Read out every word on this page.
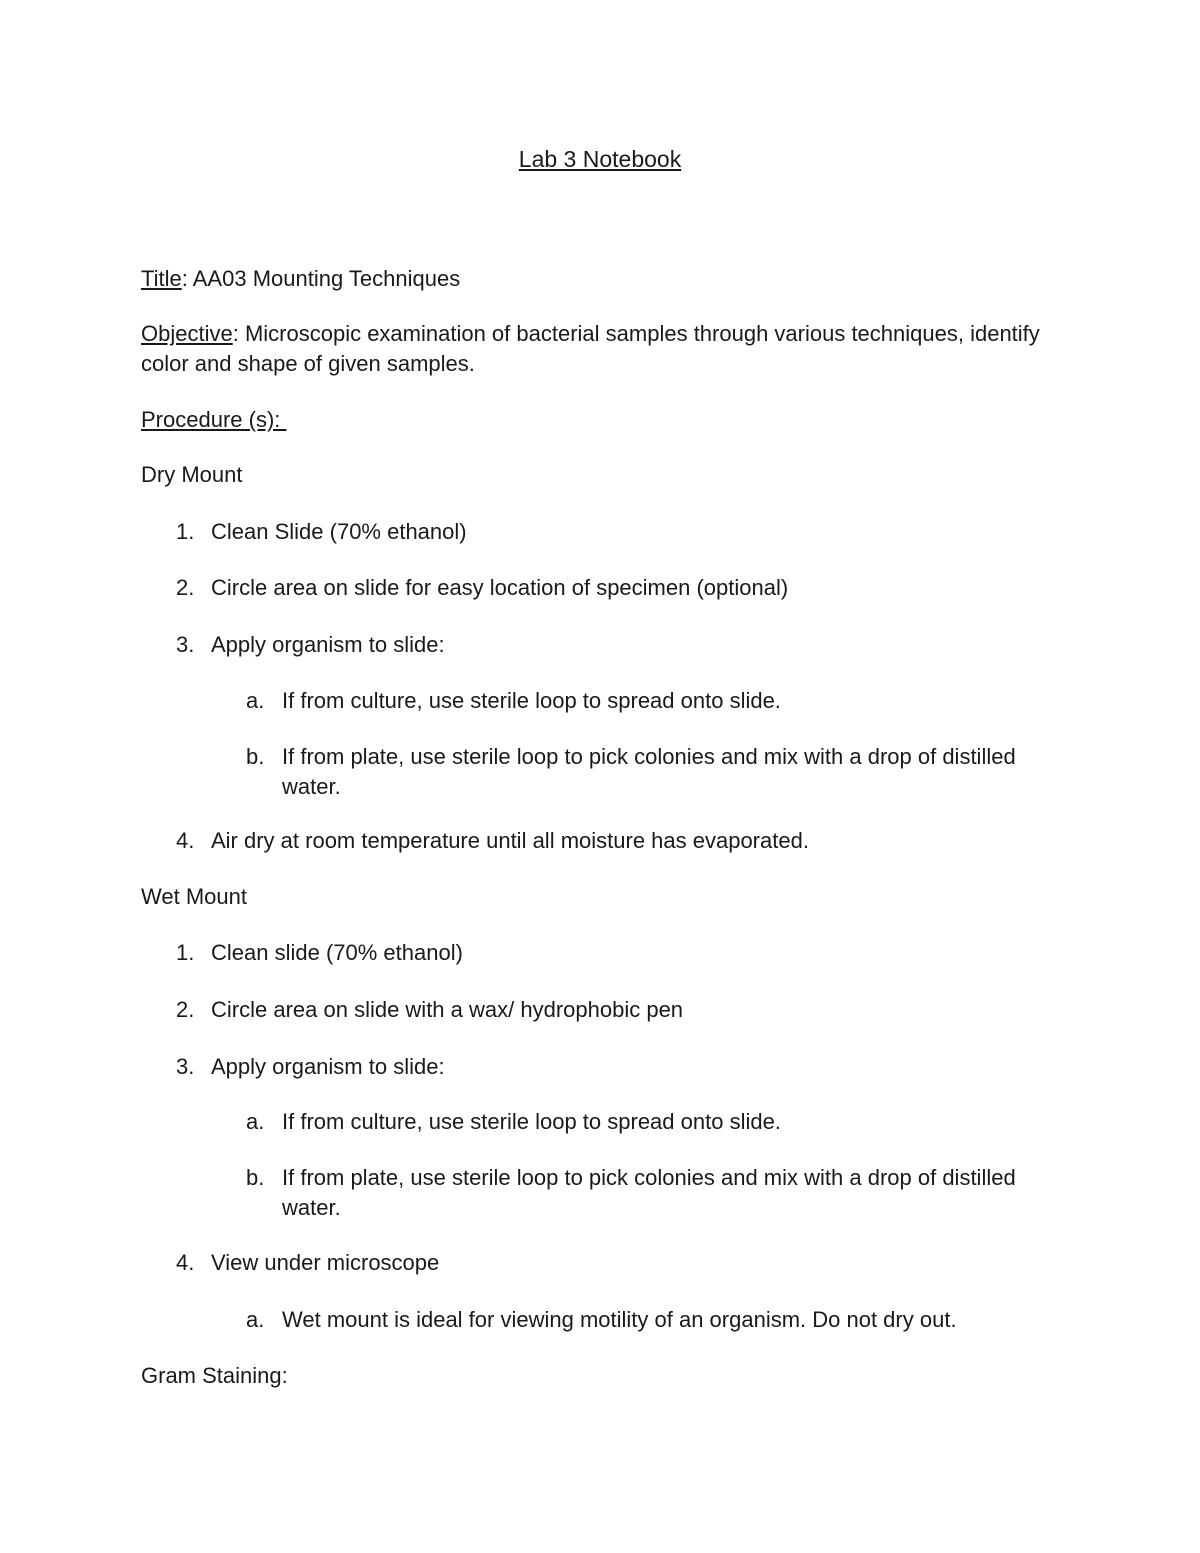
Lab 3 Notebook
Title: AA03 Mounting Techniques
Objective: Microscopic examination of bacterial samples through various techniques, identify color and shape of given samples.
Procedure (s):
Dry Mount
1. Clean Slide (70% ethanol)
2. Circle area on slide for easy location of specimen (optional)
3. Apply organism to slide:
a. If from culture, use sterile loop to spread onto slide.
b. If from plate, use sterile loop to pick colonies and mix with a drop of distilled water.
4. Air dry at room temperature until all moisture has evaporated.
Wet Mount
1. Clean slide (70% ethanol)
2. Circle area on slide with a wax/ hydrophobic pen
3. Apply organism to slide:
a. If from culture, use sterile loop to spread onto slide.
b. If from plate, use sterile loop to pick colonies and mix with a drop of distilled water.
4. View under microscope
a. Wet mount is ideal for viewing motility of an organism. Do not dry out.
Gram Staining:
